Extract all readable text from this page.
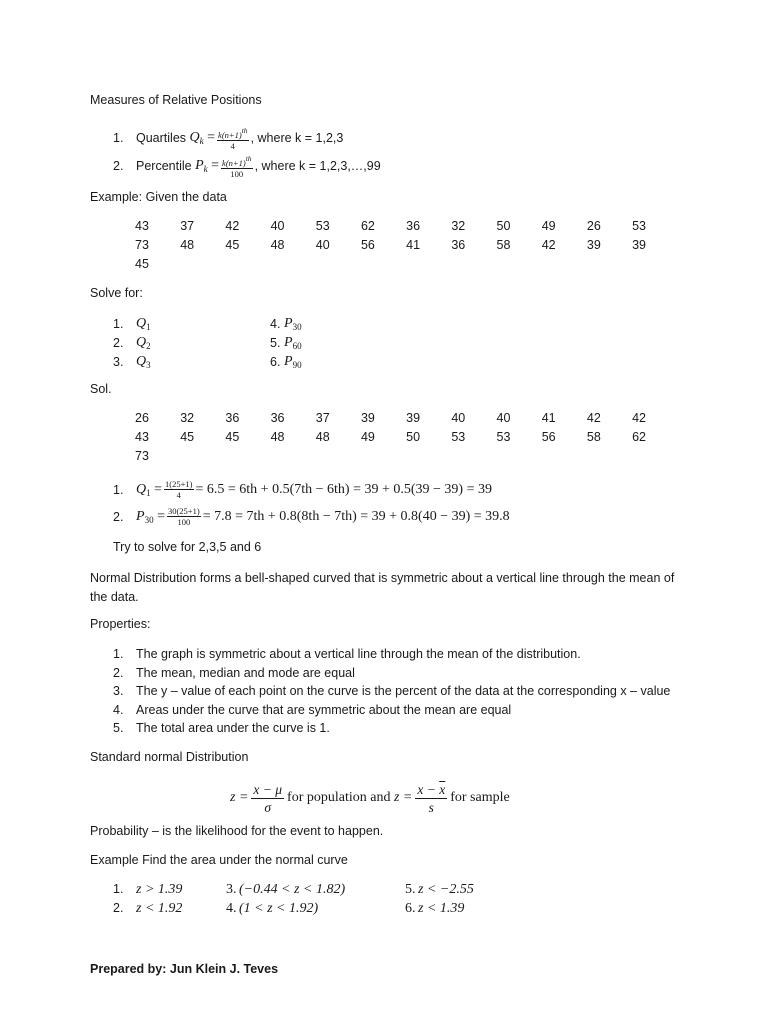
Measures of Relative Positions
1.	Quartiles
$Q_k = \frac{k(n+1)th}{4}$ , where k = 1,2,3
2.	Percentile
$P_k = \frac{k(n+1)th}{100}$ , where k = 1,2,3,…,99
Example: Given the data
43	37	42	40	53	62	36	32	50	49	26	53
73	48	45	48	40	56	41	36	58	42	39	39
45
Solve for:
1. $Q_1$
2. $Q_2$
3. $Q_3$
4. $P_{30}$
5. $P_{60}$
6. $P_{90}$
Sol.
26	32	36	36	37	39	39	40	40	41	42	42
43	45	45	48	48	49	50	53	53	56	58	62
73
1. $Q_1 = \frac{1(25+1)}{4} = 6.5 = 6th + 0.5(7th - 6th) = 39 + 0.5(39 - 39) = 39$
2. $P_{30} = \frac{30(25+1)}{100} = 7.8 = 7th + 0.8(8th - 7th) = 39 + 0.8(40 - 39) = 39.8$
Try to solve for 2,3,5 and 6
Normal Distribution forms a bell-shaped curved that is symmetric about a vertical line through the mean of the data.
Properties:
1. The graph is symmetric about a vertical line through the mean of the distribution.
2. The mean, median and mode are equal
3. The y – value of each point on the curve is the percent of the data at the corresponding x – value
4. Areas under the curve that are symmetric about the mean are equal
5. The total area under the curve is 1.
Standard normal Distribution
$z = \frac{x - \mu}{\sigma}$ for population and
$z = \frac{x - \overline{x}}{s}$ for sample
Probability – is the likelihood for the event to happen.
Example Find the area under the normal curve
1. z > 1.39
2. z < 1.92
3. (−0.44 < z < 1.82)
4. (1 < z < 1.92)
5. z < −2.55
6. z < 1.39
Prepared by: Jun Klein J. Teves
